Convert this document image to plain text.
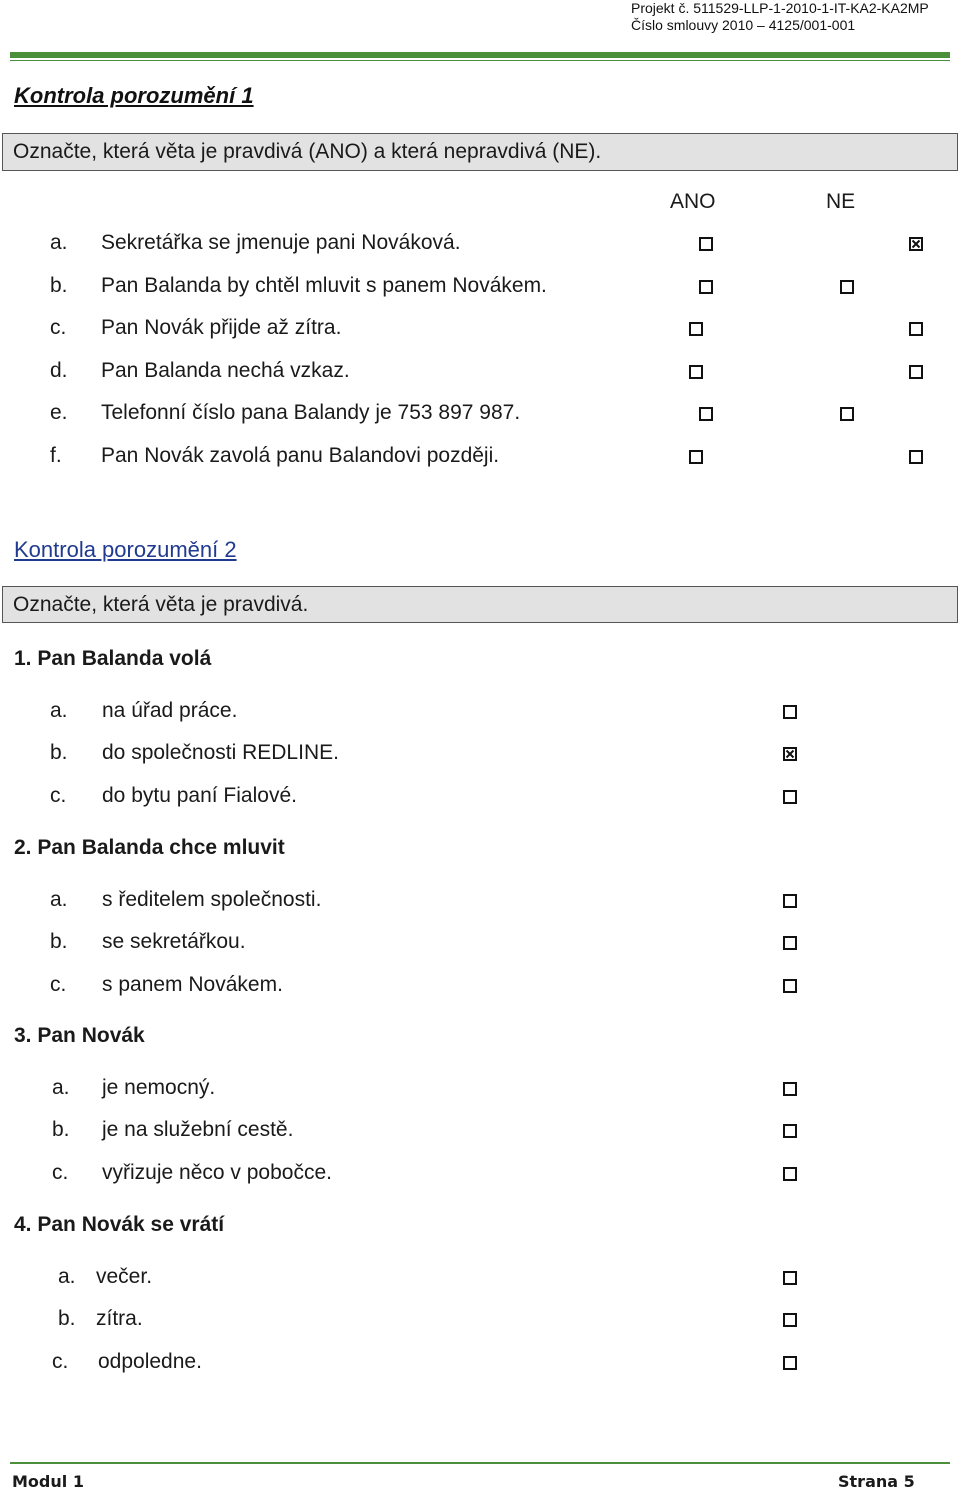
Projekt č. 511529-LLP-1-2010-1-IT-KA2-KA2MP
Číslo smlouvy 2010 – 4125/001-001
Kontrola porozumění 1
Označte, která věta je pravdivá (ANO) a která nepravdivá (NE).
ANO	NE
a. Sekretářka se jmenuje pani Nováková.
b. Pan Balanda by chtěl mluvit s panem Novákem.
c. Pan Novák přijde až zítra.
d. Pan Balanda nechá vzkaz.
e. Telefonní číslo pana Balandy je 753 897 987.
f. Pan Novák zavolá panu Balandovi později.
Kontrola porozumění 2
Označte, která věta je pravdivá.
1. Pan Balanda volá
a. na úřad práce.
b. do společnosti REDLINE.
c. do bytu paní Fialové.
2. Pan Balanda chce mluvit
a. s ředitelem společnosti.
b. se sekretářkou.
c. s panem Novákem.
3. Pan Novák
a. je nemocný.
b. je na služební cestě.
c. vyřizuje něco v pobočce.
4. Pan Novák se vrátí
a. večer.
b. zítra.
c. odpoledne.
Modul 1	Strana 5
